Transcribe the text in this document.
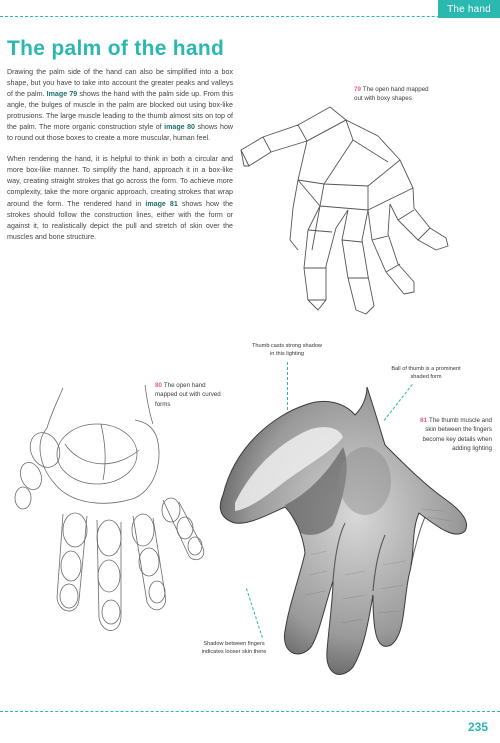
The hand
The palm of the hand

Drawing the palm side of the hand can also be simplified into a box shape, but you have to take into account the greater peaks and valleys of the palm. Image 79 shows the hand with the palm side up. From this angle, the bulges of muscle in the palm are blocked out using box-like protrusions. The large muscle leading to the thumb almost sits on top of the palm. The more organic construction style of image 80 shows how to round out those boxes to create a more muscular, human feel.

When rendering the hand, it is helpful to think in both a circular and more box-like manner. To simplify the hand, approach it in a box-like way, creating straight strokes that go across the form. To achieve more complexity, take the more organic approach, creating strokes that wrap around the form. The rendered hand in image 81 shows how the strokes should follow the construction lines, either with the form or against it, to realistically depict the pull and stretch of skin over the muscles and bone structure.

79 The open hand mapped out with boxy shapes
80 The open hand mapped out with curved forms
Thumb casts strong shadow in this lighting
Ball of thumb is a prominent shaded form
81 The thumb muscle and skin between the fingers become key details when adding lighting
Shadow between fingers indicates looser skin there
235
